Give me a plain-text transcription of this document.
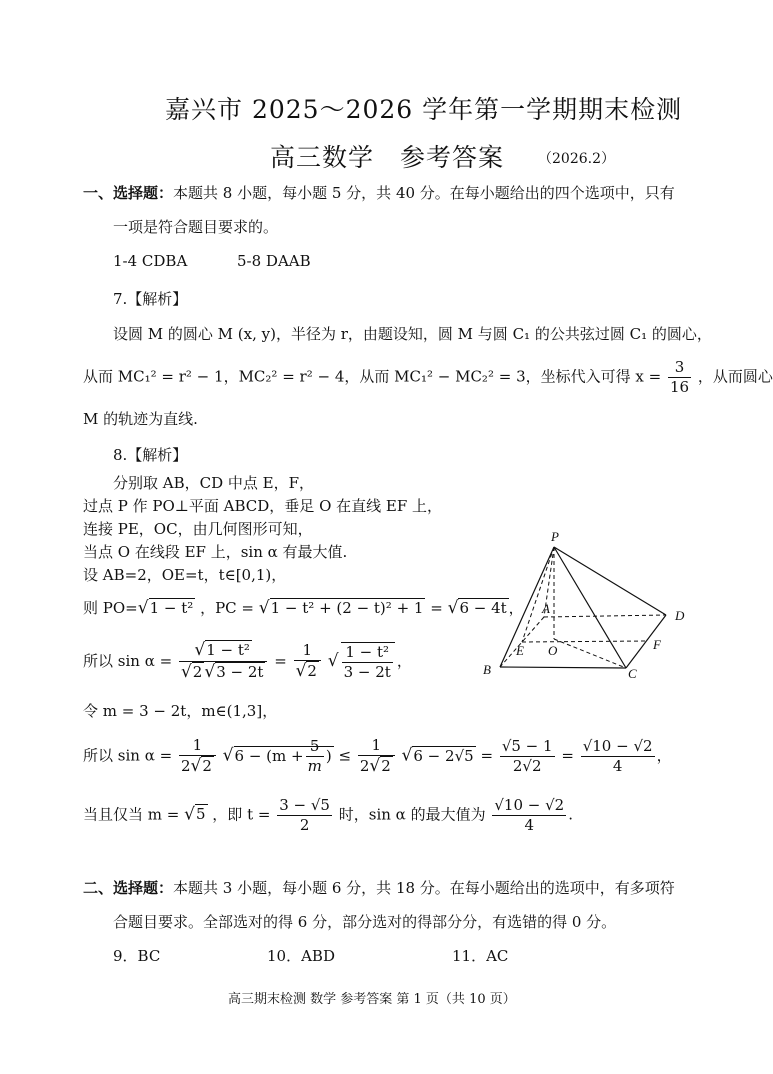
嘉兴市 2025～2026 学年第一学期期末检测
高三数学　参考答案 （2026.2）
一、选择题：本题共 8 小题，每小题 5 分，共 40 分。在每小题给出的四个选项中，只有
一项是符合题目要求的。
1-4 CDBA	5-8 DAAB
7.【解析】
设圆 M 的圆心 M (x, y)，半径为 r，由题设知，圆 M 与圆 C₁ 的公共弦过圆 C₁ 的圆心，
从而 MC₁² = r² − 1，MC₂² = r² − 4，从而 MC₁² − MC₂² = 3，坐标代入可得 $x = \frac{3}{16}$ ，从而圆心
M 的轨迹为直线.
8.【解析】
分别取 AB，CD 中点 E，F，
过点 P 作 PO⊥平面 ABCD，垂足 O 在直线 EF 上，
连接 PE，OC，由几何图形可知，
当点 O 在线段 EF 上，sin α 有最大值.
设 AB=2，OE=t，t∈[0,1)，
则 PO=√1 − t² ，PC = √1 − t² + (2 − t)² + 1 = √6 − 4t ，
所以 $\sin \alpha = \frac{\text{√1 − t²}}{√2 √3 - 2t} = \frac{1}{√2}$ √ $\frac{\text{1 − t²}}{3 - 2t}$ ，
令 m = 3 − 2t，m∈(1,3]，
所以 $\sin \alpha = \frac{1}{2√2} √6 - (m + \frac{5}{m}$ ) ≤ $\frac{1}{2√2} √6 - 2√5 = \frac{√5 - 1}{2√2} = \frac{√10 - √2}{4}$ ，
当且仅当 m = √5 ，即 $t = \frac{3 - √5}{2}$ 时，sin α 的最大值为 $\frac{√10 - √2}{4}$ .
P
A	D
F
E O
B	C
二、选择题：本题共 3 小题，每小题 6 分，共 18 分。在每小题给出的选项中，有多项符
合题目要求。全部选对的得 6 分，部分选对的得部分分，有选错的得 0 分。
9．BC	10．ABD	11．AC
高三期末检测 数学 参考答案 第 1 页（共 10 页）
